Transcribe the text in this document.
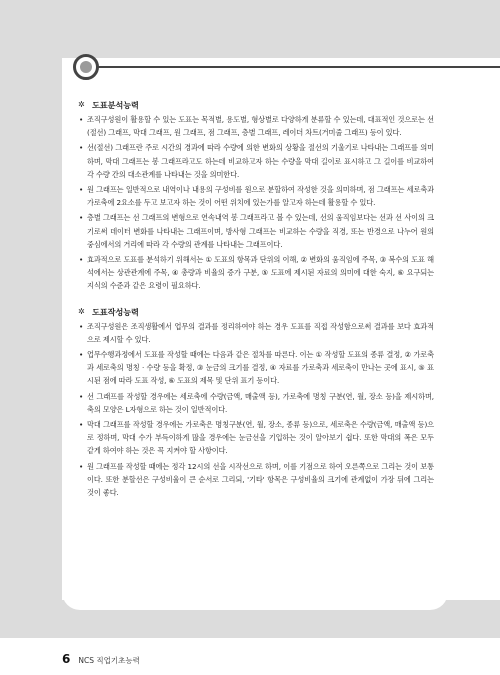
✲ 도표분석능력
• 조직구성원이 활용할 수 있는 도표는 목적별, 용도별, 형상별로 다양하게 분류할 수 있는데, 대표적인 것으로는 선(절선) 그래프, 막대 그래프, 원 그래프, 점 그래프, 층별 그래프, 레이더 차트(거미줄 그래프) 등이 있다.
• 선(절선) 그래프란 주로 시간의 경과에 따라 수량에 의한 변화의 상황을 절선의 기울기로 나타내는 그래프를 의미하며, 막대 그래프는 봉 그래프라고도 하는데 비교하고자 하는 수량을 막대 길이로 표시하고 그 길이를 비교하여 각 수량 간의 대소관계를 나타내는 것을 의미한다.
• 원 그래프는 일반적으로 내역이나 내용의 구성비를 원으로 분할하여 작성한 것을 의미하며, 점 그래프는 세로축과 가로축에 2요소를 두고 보고자 하는 것이 어떤 위치에 있는가를 알고자 하는데 활용할 수 있다.
• 층별 그래프는 선 그래프의 변형으로 연속내역 봉 그래프라고 볼 수 있는데, 선의 움직임보다는 선과 선 사이의 크기로써 데이터 변화를 나타내는 그래프이며, 방사형 그래프는 비교하는 수량을 직경, 또는 반경으로 나누어 원의 중심에서의 거리에 따라 각 수량의 관계를 나타내는 그래프이다.
• 효과적으로 도표를 분석하기 위해서는 ① 도표의 항목과 단위의 이해, ② 변화의 움직임에 주목, ③ 복수의 도표 해석에서는 상관관계에 주목, ④ 총량과 비율의 증가 구분, ⑤ 도표에 제시된 자료의 의미에 대한 숙지, ⑥ 요구되는 지식의 수준과 같은 요령이 필요하다.
✲ 도표작성능력
• 조직구성원은 조직생활에서 업무의 결과를 정리하여야 하는 경우 도표를 직접 작성함으로써 결과를 보다 효과적으로 제시할 수 있다.
• 업무수행과정에서 도표를 작성할 때에는 다음과 같은 절차를 따른다. 이는 ① 작성할 도표의 종류 결정, ② 가로축과 세로축의 명칭 · 수량 등을 확정, ③ 눈금의 크기를 결정, ④ 자료를 가로축과 세로축이 만나는 곳에 표시, ⑤ 표시된 점에 따라 도표 작성, ⑥ 도표의 제목 및 단위 표기 등이다.
• 선 그래프를 작성할 경우에는 세로축에 수량(금액, 매출액 등), 가로축에 명칭 구분(연, 월, 장소 등)을 제시하며, 축의 모양은 L자형으로 하는 것이 일반적이다.
• 막대 그래프를 작성할 경우에는 가로축은 명칭구분(연, 월, 장소, 종류 등)으로, 세로축은 수량(금액, 매출액 등)으로 정하며, 막대 수가 부득이하게 많을 경우에는 눈금선을 기입하는 것이 알아보기 쉽다. 또한 막대의 폭은 모두 같게 하여야 하는 것은 꼭 지켜야 할 사항이다.
• 원 그래프를 작성할 때에는 정각 12시의 선을 시작선으로 하며, 이를 기점으로 하여 오른쪽으로 그리는 것이 보통이다. 또한 분할선은 구성비율이 큰 순서로 그리되, '기타' 항목은 구성비율의 크기에 관계없이 가장 뒤에 그리는 것이 좋다.
6 NCS 직업기초능력
